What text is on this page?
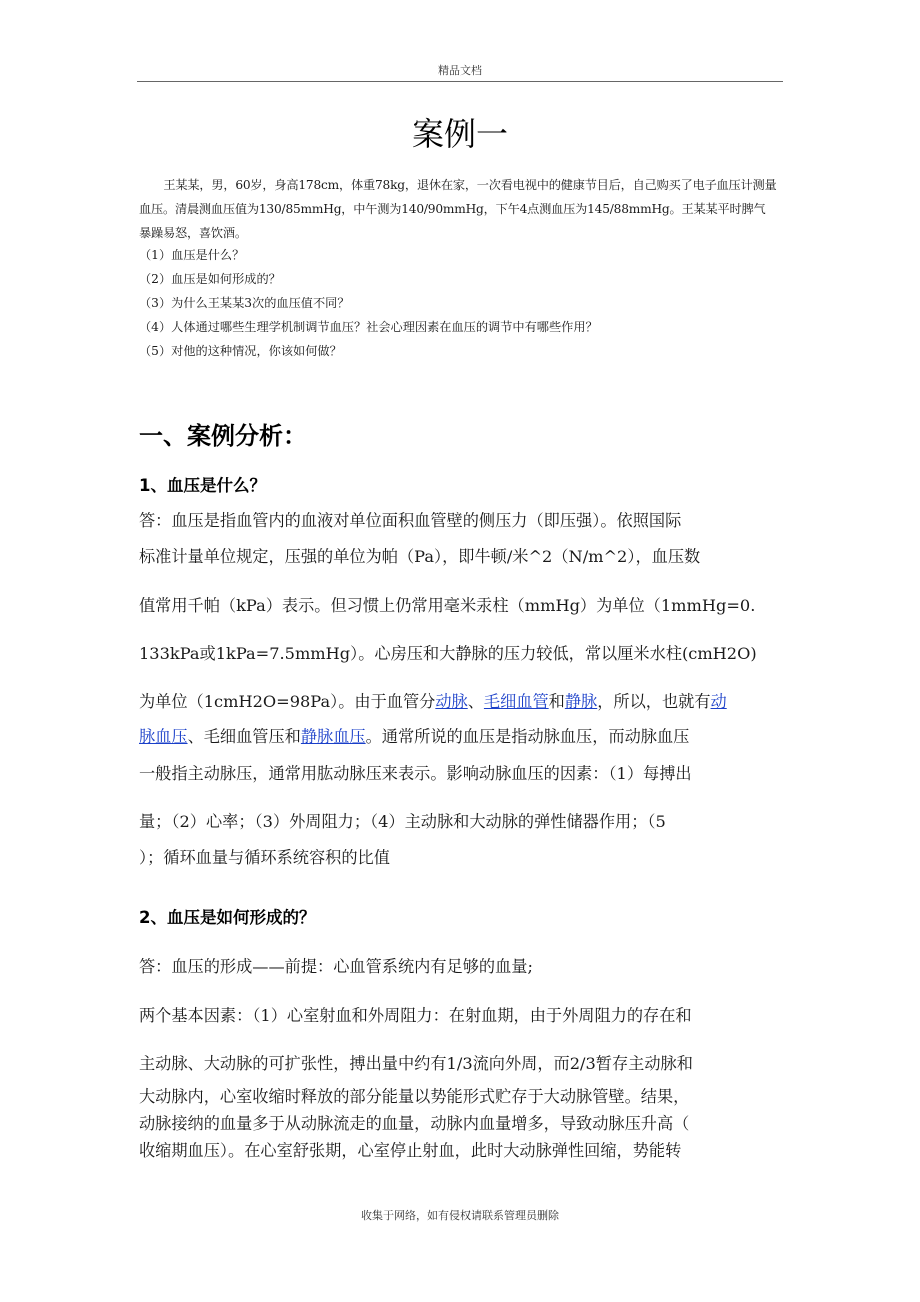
精品文档
案例一

王某某，男，60岁，身高178cm，体重78kg，退休在家，一次看电视中的健康节目后，自己购买了电子血压计测量血压。清晨测血压值为130/85mmHg，中午测为140/90mmHg，下午4点测血压为145/88mmHg。王某某平时脾气暴躁易怒，喜饮酒。

（1）血压是什么？
（2）血压是如何形成的？
（3）为什么王某某3次的血压值不同？
（4）人体通过哪些生理学机制调节血压？社会心理因素在血压的调节中有哪些作用？
（5）对他的这种情况，你该如何做？
一、案例分析：
1、血压是什么？

答：血压是指血管内的血液对单位面积血管壁的侧压力（即压强）。依照国际

标准计量单位规定，压强的单位为帕（Pa），即牛顿/米^2（N/m^2），血压数

值常用千帕（kPa）表示。但习惯上仍常用毫米汞柱（mmHg）为单位（1mmHg=0.

133kPa或1kPa=7.5mmHg）。心房压和大静脉的压力较低，常以厘米水柱(cmH2O)

为单位（1cmH2O=98Pa）。由于血管分动脉、毛细血管和静脉，所以，也就有动

脉血压、毛细血管压和静脉血压。通常所说的血压是指动脉血压，而动脉血压

一般指主动脉压，通常用肱动脉压来表示。影响动脉血压的因素：（1）每搏出

量；（2）心率；（3）外周阻力；（4）主动脉和大动脉的弹性储器作用；（5

）；循环血量与循环系统容积的比值

2、血压是如何形成的？

答：血压的形成——前提：心血管系统内有足够的血量;

两个基本因素：（1）心室射血和外周阻力：在射血期，由于外周阻力的存在和

主动脉、大动脉的可扩张性，搏出量中约有1/3流向外周，而2/3暂存主动脉和

大动脉内，心室收缩时释放的部分能量以势能形式贮存于大动脉管壁。结果，

动脉接纳的血量多于从动脉流走的血量，动脉内血量增多，导致动脉压升高（

收缩期血压）。在心室舒张期，心室停止射血，此时大动脉弹性回缩，势能转

收集于网络，如有侵权请联系管理员删除
